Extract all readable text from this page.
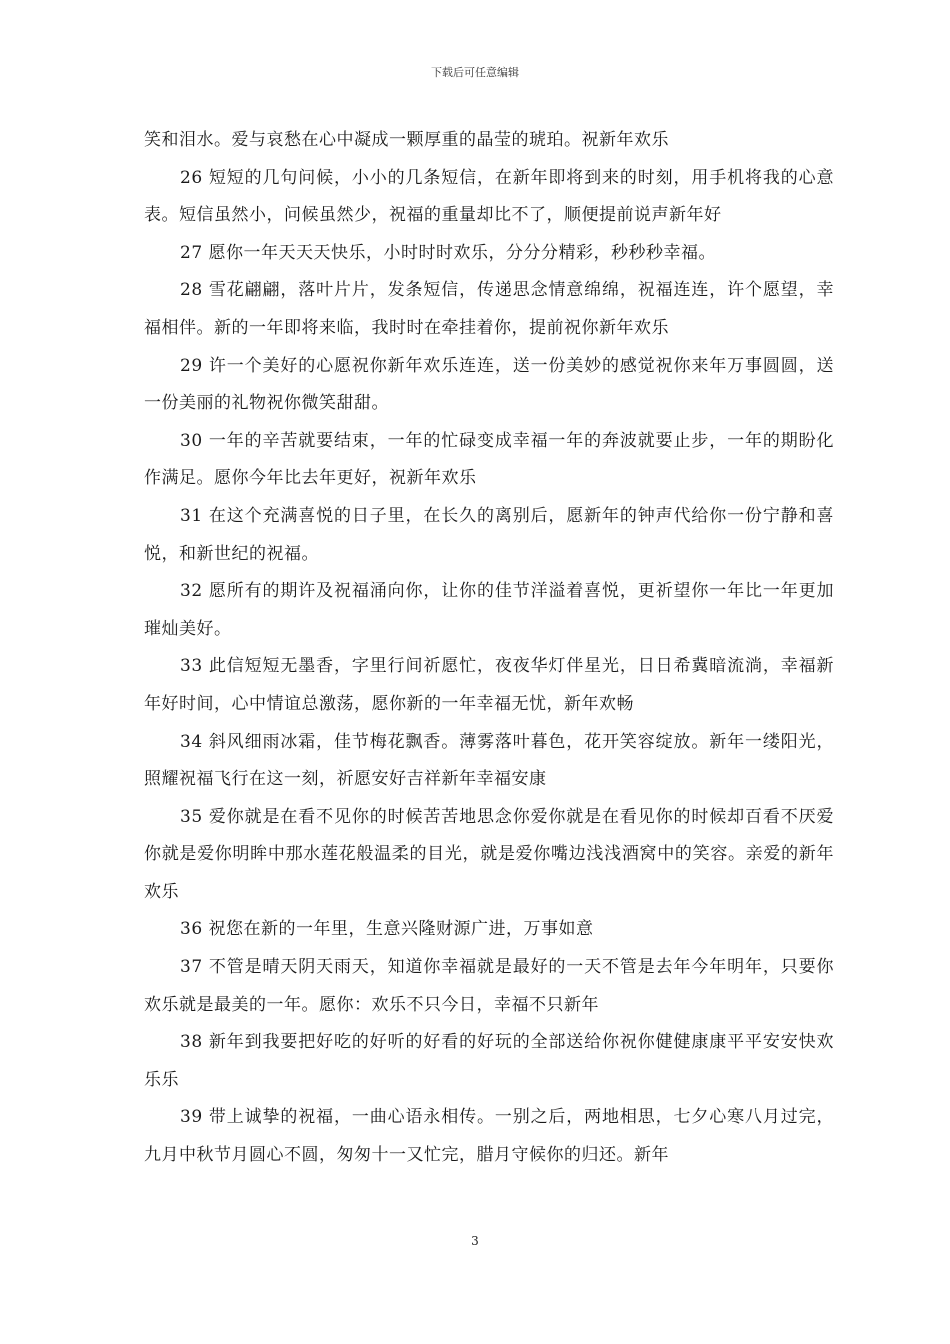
下载后可任意编辑

笑和泪水。爱与哀愁在心中凝成一颗厚重的晶莹的琥珀。祝新年欢乐

26 短短的几句问候，小小的几条短信，在新年即将到来的时刻，用手机将我的心意表。短信虽然小，问候虽然少，祝福的重量却比不了，顺便提前说声新年好

27 愿你一年天天天快乐，小时时时欢乐，分分分精彩，秒秒秒幸福。

28 雪花翩翩，落叶片片，发条短信，传递思念情意绵绵，祝福连连，许个愿望，幸福相伴。新的一年即将来临，我时时在牵挂着你，提前祝你新年欢乐

29 许一个美好的心愿祝你新年欢乐连连，送一份美妙的感觉祝你来年万事圆圆，送一份美丽的礼物祝你微笑甜甜。

30 一年的辛苦就要结束，一年的忙碌变成幸福一年的奔波就要止步，一年的期盼化作满足。愿你今年比去年更好，祝新年欢乐

31 在这个充满喜悦的日子里，在长久的离别后，愿新年的钟声代给你一份宁静和喜悦，和新世纪的祝福。

32 愿所有的期许及祝福涌向你，让你的佳节洋溢着喜悦，更祈望你一年比一年更加璀灿美好。

33 此信短短无墨香，字里行间祈愿忙，夜夜华灯伴星光，日日希冀暗流淌，幸福新年好时间，心中情谊总激荡，愿你新的一年幸福无忧，新年欢畅

34 斜风细雨冰霜，佳节梅花飘香。薄雾落叶暮色，花开笑容绽放。新年一缕阳光，照耀祝福飞行在这一刻，祈愿安好吉祥新年幸福安康

35 爱你就是在看不见你的时候苦苦地思念你爱你就是在看见你的时候却百看不厌爱你就是爱你明眸中那水莲花般温柔的目光，就是爱你嘴边浅浅酒窝中的笑容。亲爱的新年欢乐

36 祝您在新的一年里，生意兴隆财源广进，万事如意

37 不管是晴天阴天雨天，知道你幸福就是最好的一天不管是去年今年明年，只要你欢乐就是最美的一年。愿你：欢乐不只今日，幸福不只新年

38 新年到我要把好吃的好听的好看的好玩的全部送给你祝你健健康康平平安安快欢乐乐

39 带上诚挚的祝福，一曲心语永相传。一别之后，两地相思，七夕心寒八月过完，九月中秋节月圆心不圆，匆匆十一又忙完，腊月守候你的归还。新年

3
